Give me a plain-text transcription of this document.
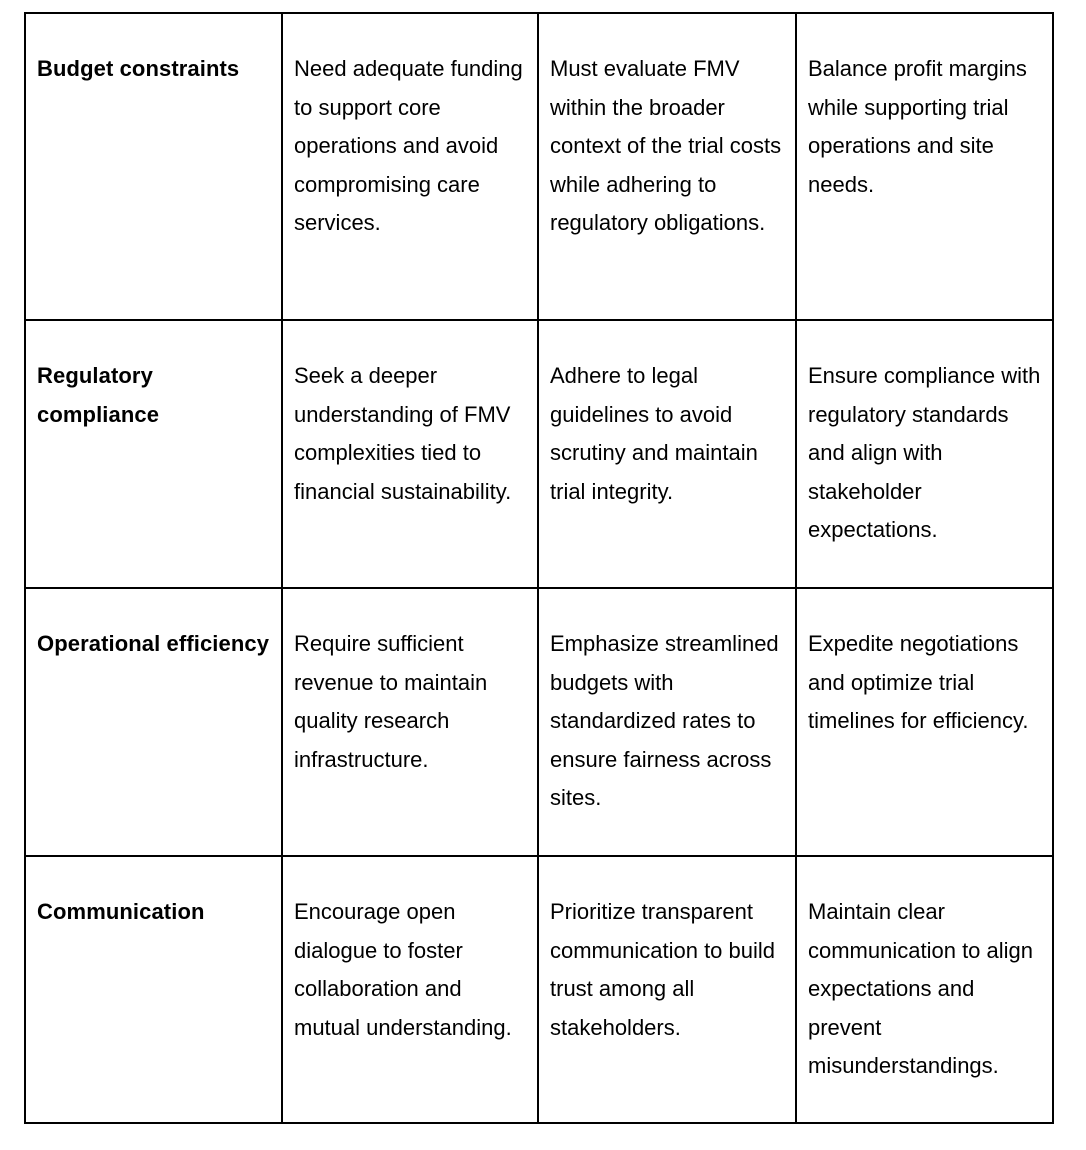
Budget constraints	Need adequate funding to support core operations and avoid compromising care services.	Must evaluate FMV within the broader context of the trial costs while adhering to regulatory obligations.	Balance profit margins while supporting trial operations and site needs.
Regulatory compliance	Seek a deeper understanding of FMV complexities tied to financial sustainability.	Adhere to legal guidelines to avoid scrutiny and maintain trial integrity.	Ensure compliance with regulatory standards and align with stakeholder expectations.
Operational efficiency	Require sufficient revenue to maintain quality research infrastructure.	Emphasize streamlined budgets with standardized rates to ensure fairness across sites.	Expedite negotiations and optimize trial timelines for efficiency.
Communication	Encourage open dialogue to foster collaboration and mutual understanding.	Prioritize transparent communication to build trust among all stakeholders.	Maintain clear communication to align expectations and prevent misunderstandings.
